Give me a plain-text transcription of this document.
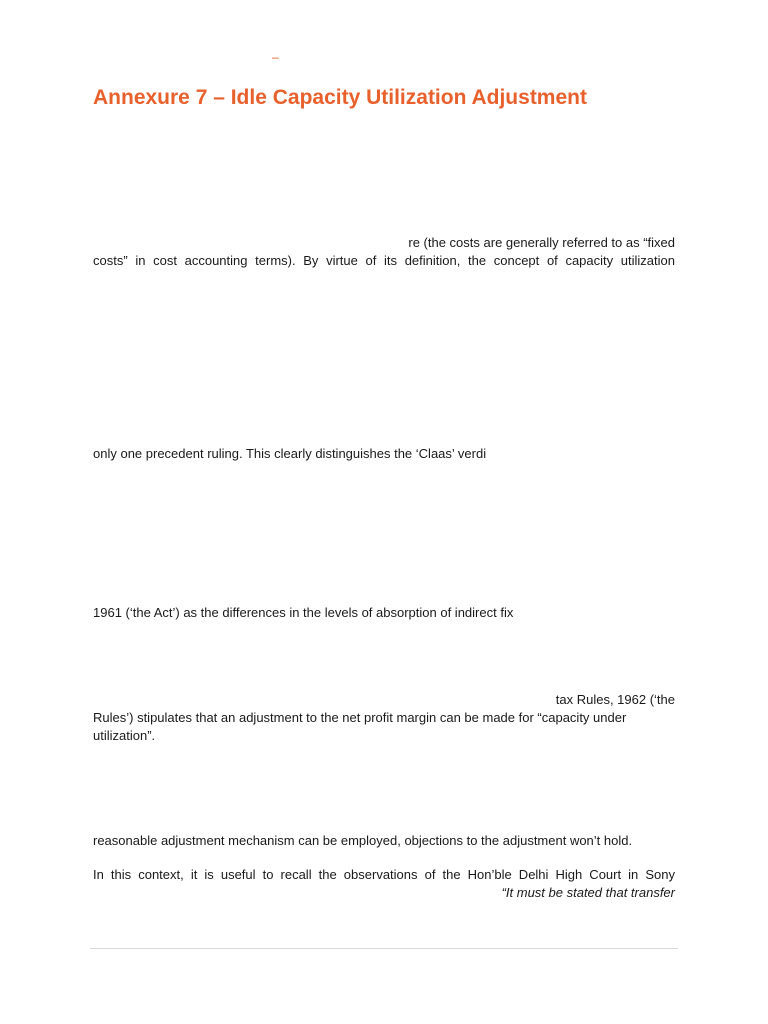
–
Annexure 7 – Idle Capacity Utilization Adjustment
re (the costs are generally referred to as “fixed
costs” in cost accounting terms). By virtue of its definition, the concept of capacity utilization
only one precedent ruling. This clearly distinguishes the ‘Claas’ verdi
1961 (‘the Act’) as the differences in the levels of absorption of indirect fix
tax Rules, 1962 (‘the
Rules’) stipulates that an adjustment to the net profit margin can be made for “capacity under
utilization”.
reasonable adjustment mechanism can be employed, objections to the adjustment won’t hold.
In this context, it is useful to recall the observations of the Hon’ble Delhi High Court in Sony
“It must be stated that transfer
